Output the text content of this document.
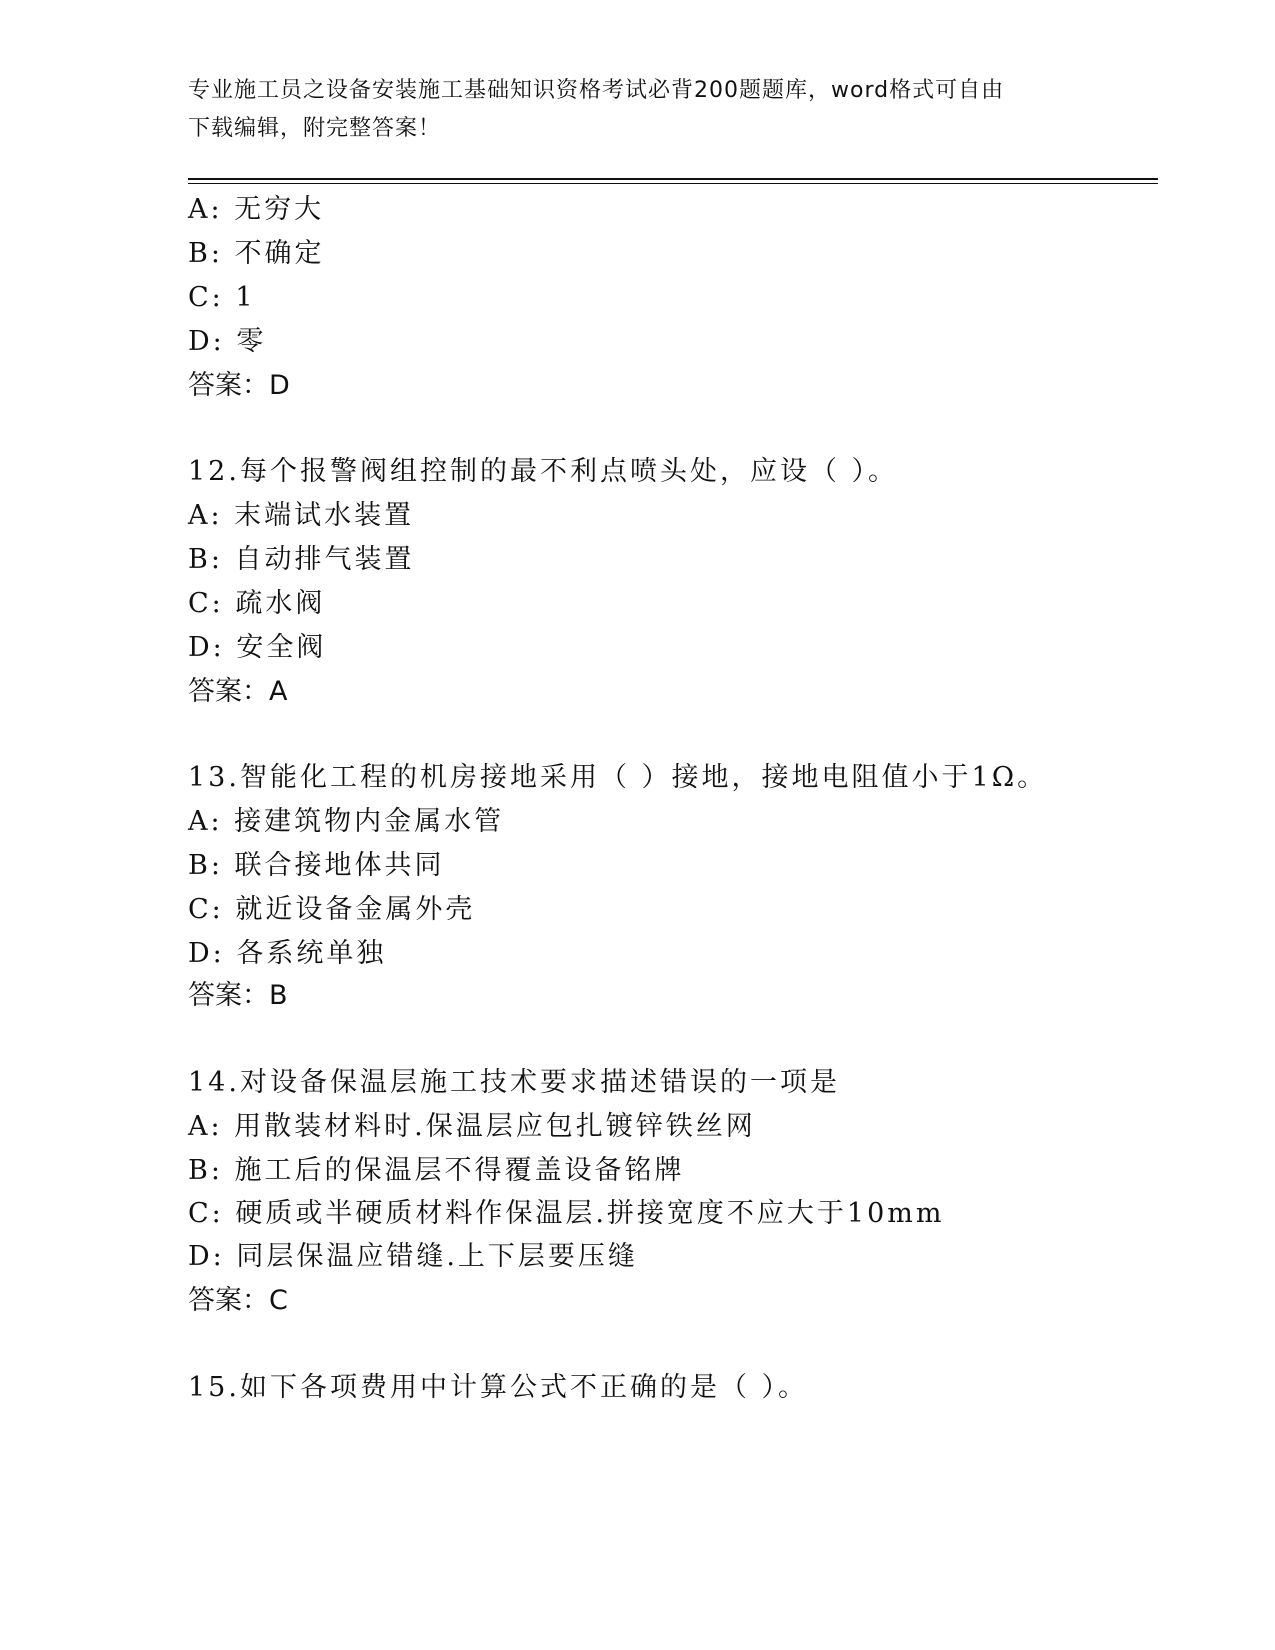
专业施工员之设备安装施工基础知识资格考试必背200题题库，word格式可自由
下载编辑，附完整答案！
A: 无穷大
B: 不确定
C: 1
D: 零
答案：D
12.每个报警阀组控制的最不利点喷头处，应设（ ）。
A: 末端试水装置
B: 自动排气装置
C: 疏水阀
D: 安全阀
答案：A
13.智能化工程的机房接地采用（ ）接地，接地电阻值小于1Ω。
A: 接建筑物内金属水管
B: 联合接地体共同
C: 就近设备金属外壳
D: 各系统单独
答案：B
14.对设备保温层施工技术要求描述错误的一项是
A: 用散装材料时.保温层应包扎镀锌铁丝网
B: 施工后的保温层不得覆盖设备铭牌
C: 硬质或半硬质材料作保温层.拼接宽度不应大于10mm
D: 同层保温应错缝.上下层要压缝
答案：C
15.如下各项费用中计算公式不正确的是（ ）。
